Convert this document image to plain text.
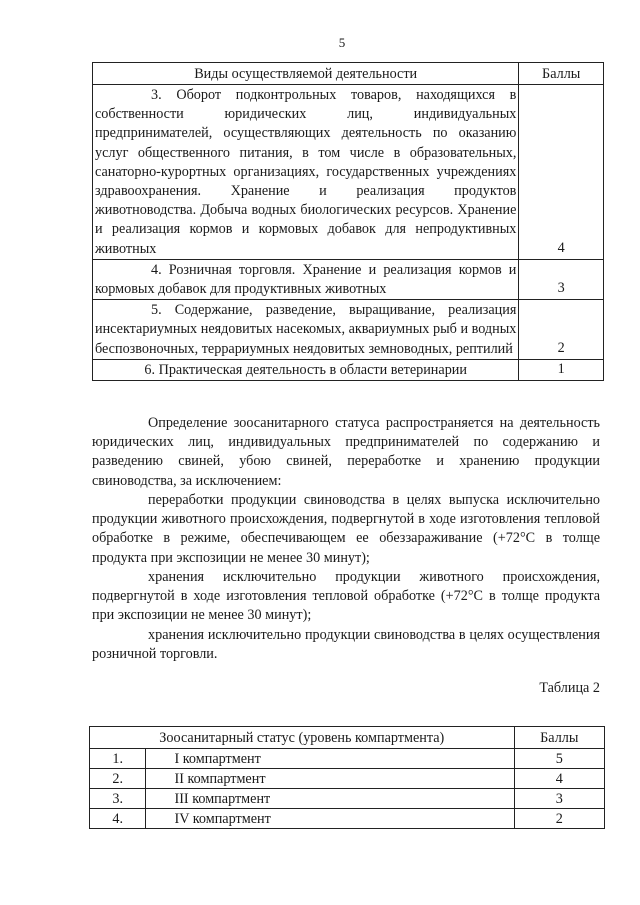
5
Виды осуществляемой деятельности	Баллы
3. Оборот подконтрольных товаров, находящихся в собственности юридических лиц, индивидуальных предпринимателей, осуществляющих деятельность по оказанию услуг общественного питания, в том числе в образовательных, санаторно-курортных организациях, государственных учреждениях здравоохранения. Хранение и реализация продуктов животноводства. Добыча водных биологических ресурсов. Хранение и реализация кормов и кормовых добавок для непродуктивных животных	4
4. Розничная торговля. Хранение и реализация кормов и кормовых добавок для продуктивных животных	3
5. Содержание, разведение, выращивание, реализация инсектариумных неядовитых насекомых, аквариумных рыб и водных беспозвоночных, террариумных неядовитых земноводных, рептилий	2
6. Практическая деятельность в области ветеринарии	1

Определение зоосанитарного статуса распространяется на деятельность юридических лиц, индивидуальных предпринимателей по содержанию и разведению свиней, убою свиней, переработке и хранению продукции свиноводства, за исключением:

переработки продукции свиноводства в целях выпуска исключительно продукции животного происхождения, подвергнутой в ходе изготовления тепловой обработке в режиме, обеспечивающем ее обеззараживание (+72°С в толще продукта при экспозиции не менее 30 минут);

хранения исключительно продукции животного происхождения, подвергнутой в ходе изготовления тепловой обработке (+72°С в толще продукта при экспозиции не менее 30 минут);

хранения исключительно продукции свиноводства в целях осуществления розничной торговли.

Таблица 2
Зоосанитарный статус (уровень компартмента)		Баллы
1.	I компартмент	5
2.	II компартмент	4
3.	III компартмент	3
4.	IV компартмент	2
